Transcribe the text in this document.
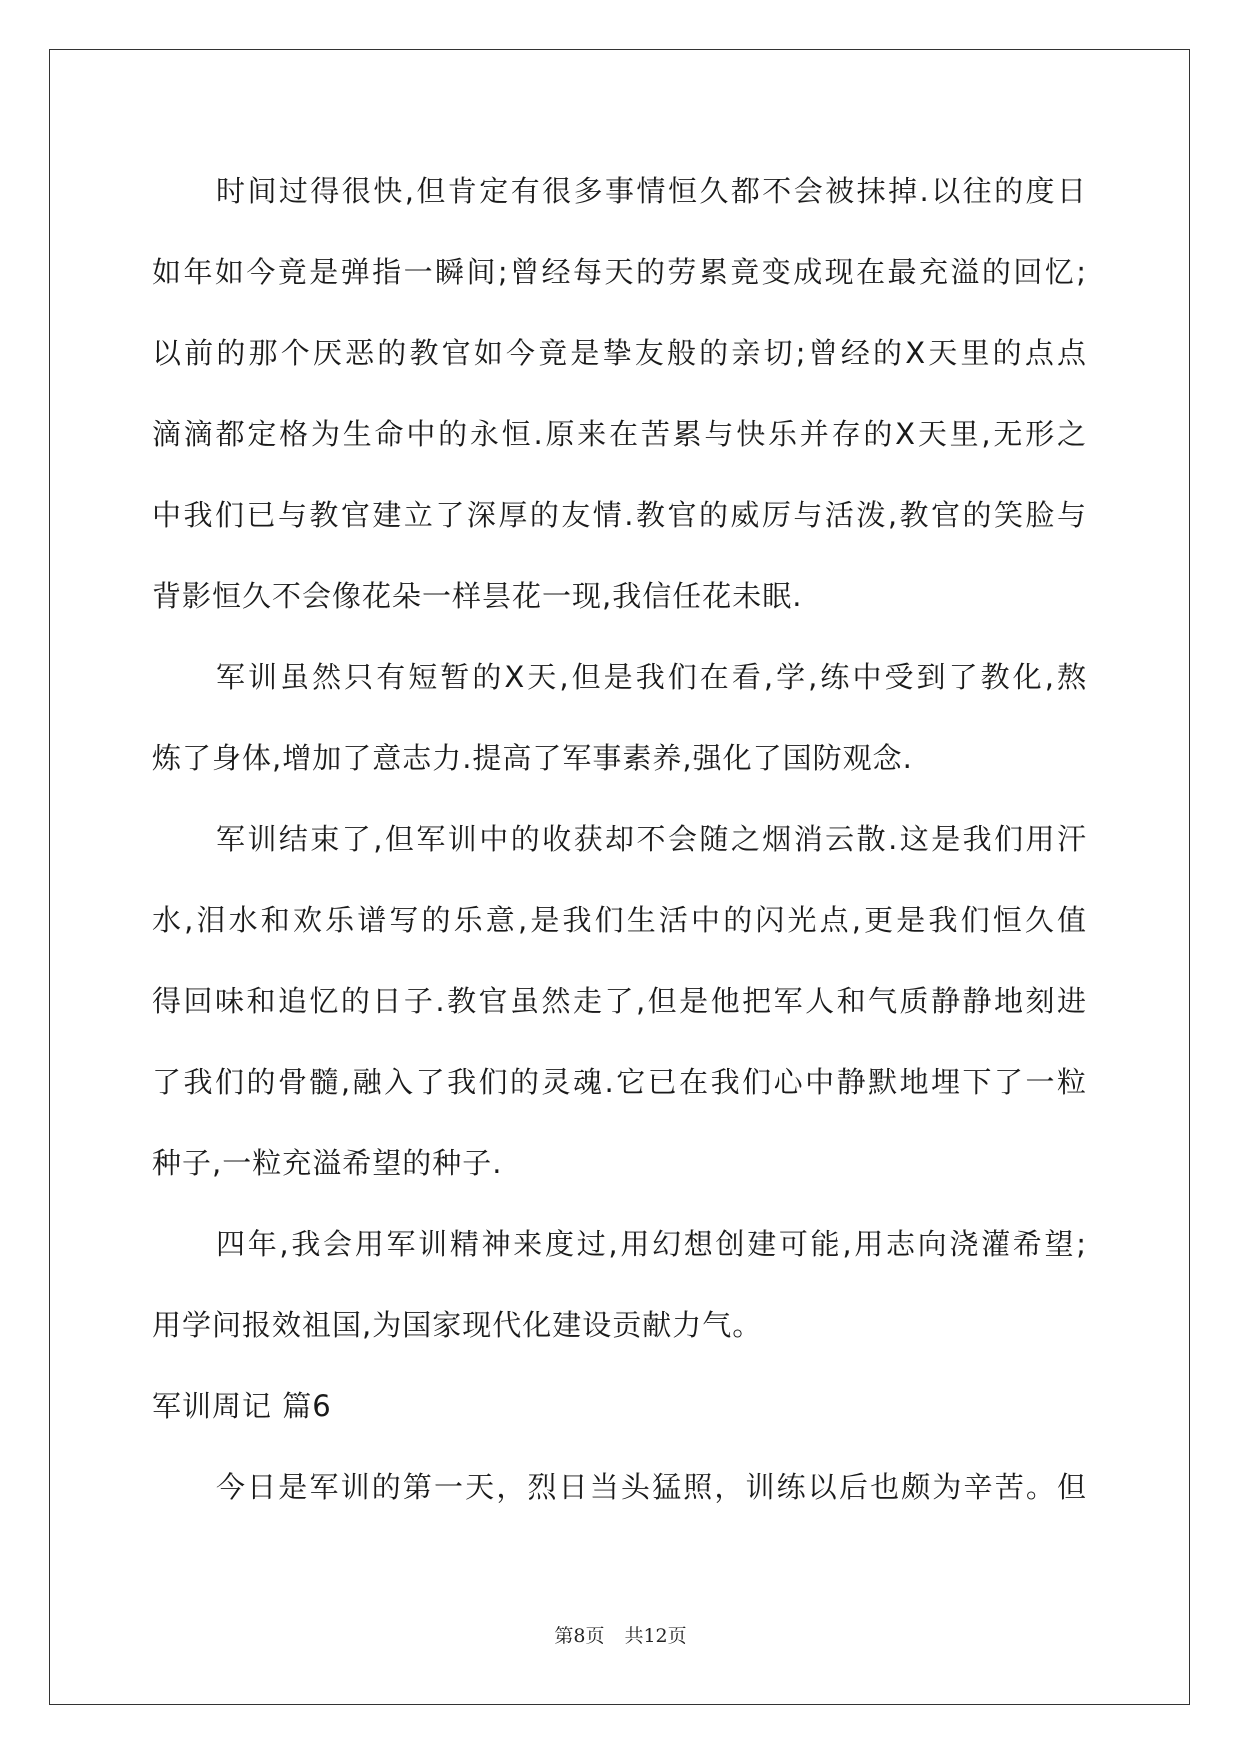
时间过得很快,但肯定有很多事情恒久都不会被抹掉.以往的度日
如年如今竟是弹指一瞬间;曾经每天的劳累竟变成现在最充溢的回忆;
以前的那个厌恶的教官如今竟是挚友般的亲切;曾经的X天里的点点
滴滴都定格为生命中的永恒.原来在苦累与快乐并存的X天里,无形之
中我们已与教官建立了深厚的友情.教官的威厉与活泼,教官的笑脸与
背影恒久不会像花朵一样昙花一现,我信任花未眠.
军训虽然只有短暂的X天,但是我们在看,学,练中受到了教化,熬
炼了身体,增加了意志力.提高了军事素养,强化了国防观念.
军训结束了,但军训中的收获却不会随之烟消云散.这是我们用汗
水,泪水和欢乐谱写的乐意,是我们生活中的闪光点,更是我们恒久值
得回味和追忆的日子.教官虽然走了,但是他把军人和气质静静地刻进
了我们的骨髓,融入了我们的灵魂.它已在我们心中静默地埋下了一粒
种子,一粒充溢希望的种子.
四年,我会用军训精神来度过,用幻想创建可能,用志向浇灌希望;
用学问报效祖国,为国家现代化建设贡献力气。
军训周记 篇6
今日是军训的第一天，烈日当头猛照，训练以后也颇为辛苦。但
第8页 共12页
